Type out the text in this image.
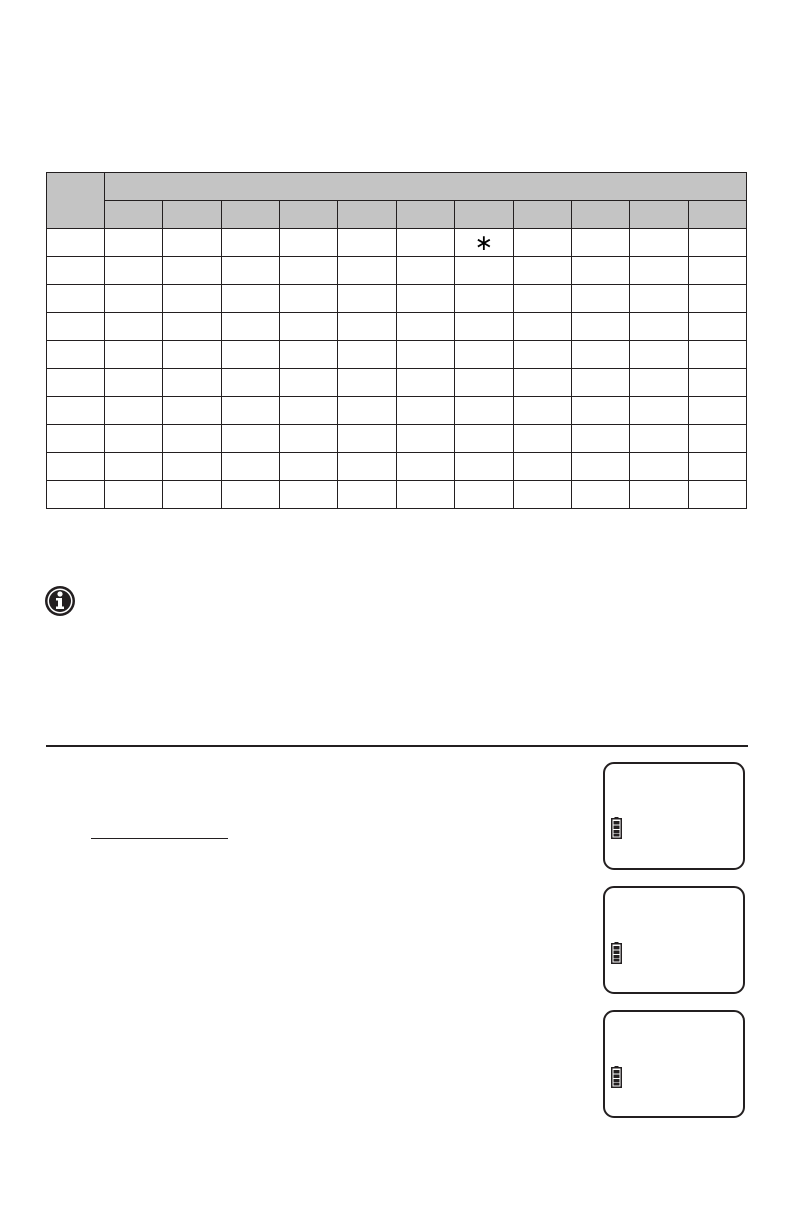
							∗				
